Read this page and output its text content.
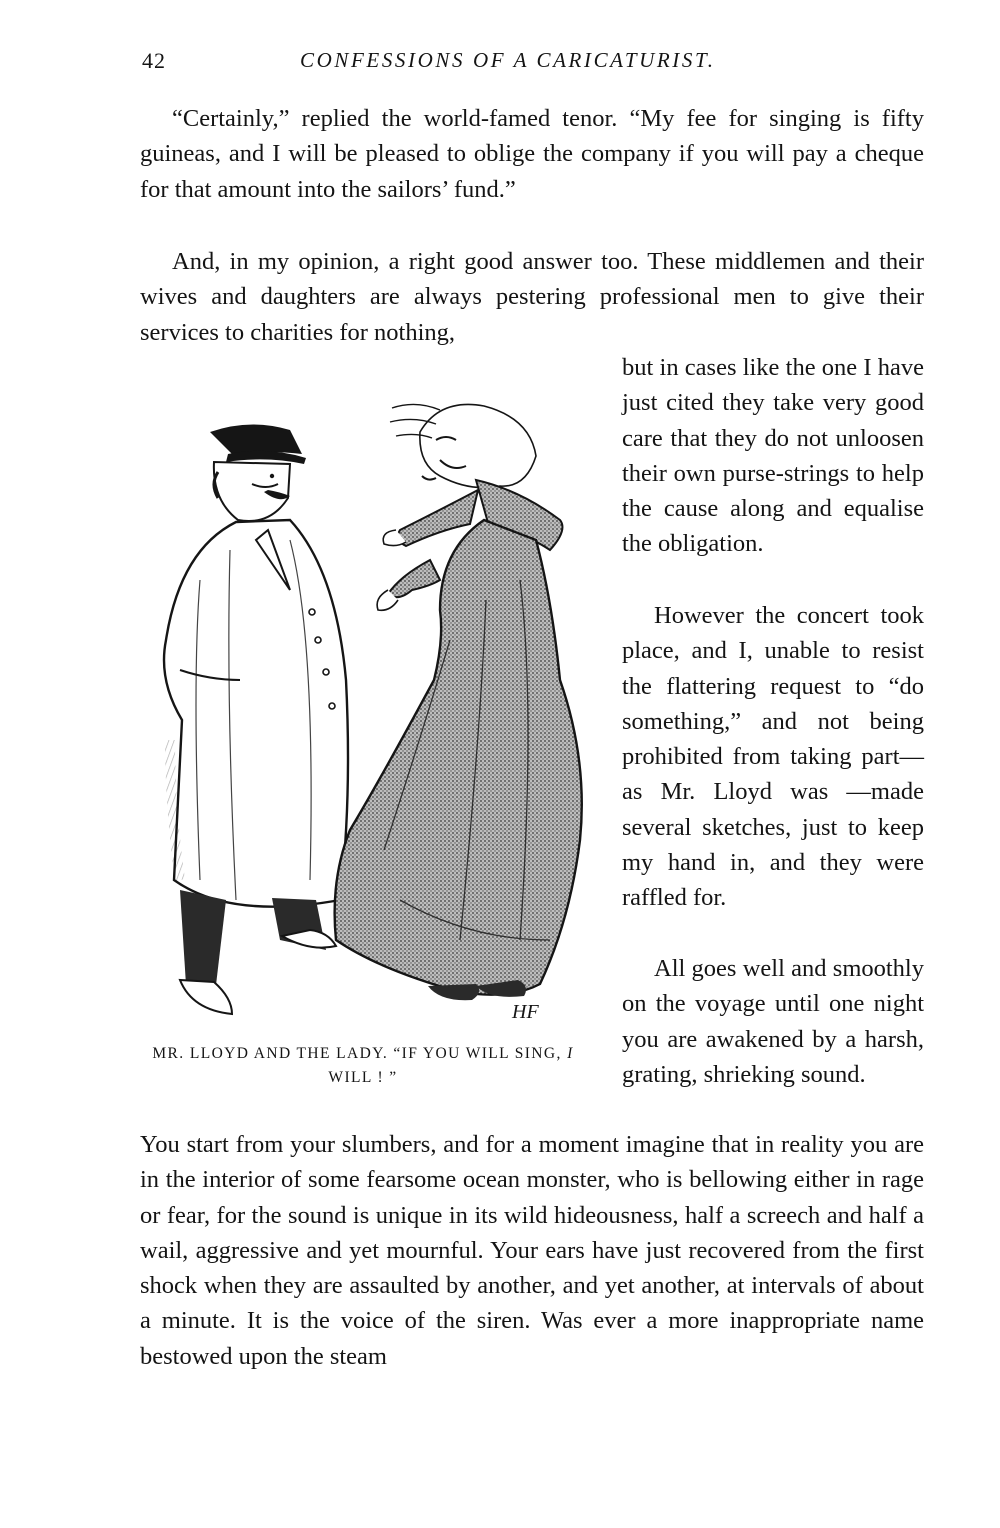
42	CONFESSIONS OF A CARICATURIST.

“Certainly,” replied the world-famed tenor. “My fee for singing is fifty guineas, and I will be pleased to oblige the company if you will pay a cheque for that amount into the sailors’ fund.”

And, in my opinion, a right good answer too. These middlemen and their wives and daughters are always pestering professional men to give their services to charities for nothing,

but in cases like the one I have just cited they take very good care that they do not unloosen their own purse-strings to help the cause along and equalise the obligation.

However the concert took place, and I, unable to resist the flattering request to “do something,” and not being prohibited from taking part—as Mr. Lloyd was —made several sketches, just to keep my hand in, and they were raffled for.

All goes well and smoothly on the voyage until one night you are awakened by a harsh, grating, shrieking sound.

You start from your slumbers, and for a moment imagine that in reality you are in the interior of some fearsome ocean monster, who is bellowing either in rage or fear, for the sound is unique in its wild hideousness, half a screech and half a wail, aggressive and yet mournful. Your ears have just recovered from the first shock when they are assaulted by another, and yet another, at intervals of about a minute. It is the voice of the siren. Was ever a more inappropriate name bestowed upon the steam

HF

MR. LLOYD AND THE LADY. “IF YOU WILL SING, I WILL ! ”
